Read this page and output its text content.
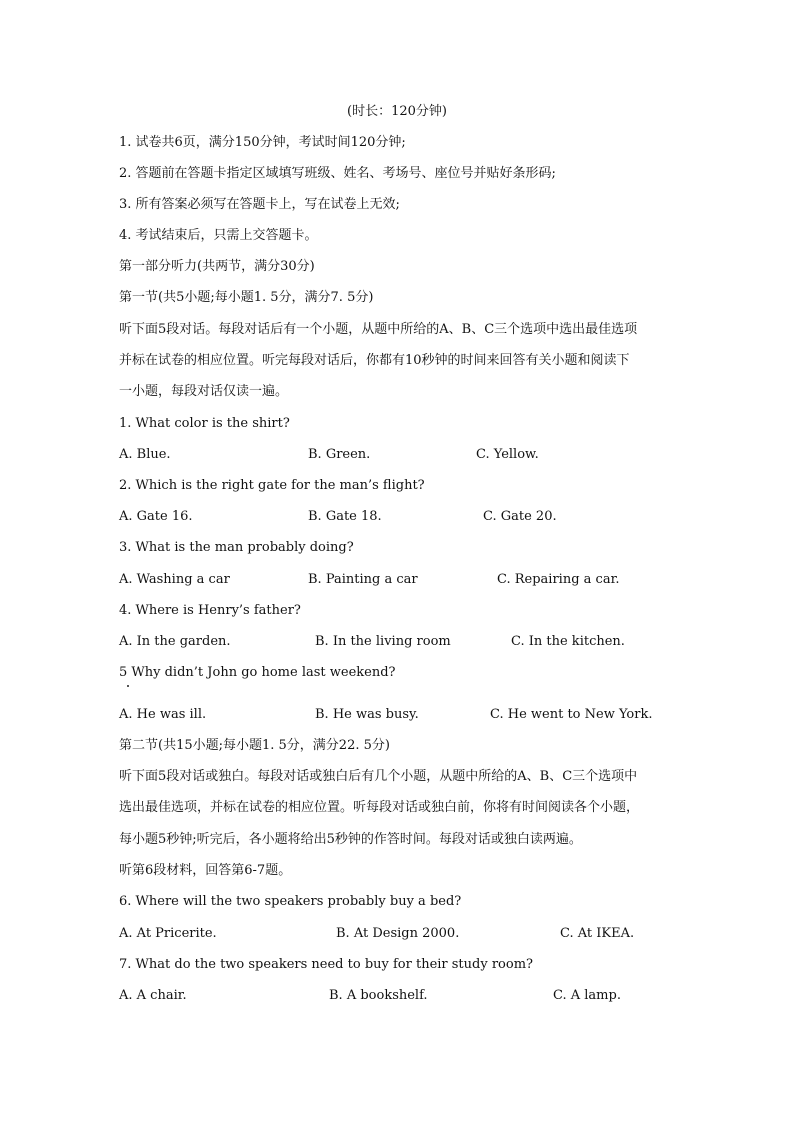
(时长：120分钟)
1. 试卷共6页，满分150分钟，考试时间120分钟;
2. 答题前在答题卡指定区域填写班级、姓名、考场号、座位号并贴好条形码;
3. 所有答案必须写在答题卡上，写在试卷上无效;
4. 考试结束后，只需上交答题卡。
第一部分听力(共两节，满分30分)
第一节(共5小题;每小题1. 5分，满分7. 5分)
听下面5段对话。每段对话后有一个小题，从题中所给的A、B、C三个选项中选出最佳选项
并标在试卷的相应位置。听完每段对话后，你都有10秒钟的时间来回答有关小题和阅读下
一小题，每段对话仅读一遍。
1. What color is the shirt?
A. Blue.	B. Green.	C. Yellow.
2. Which is the right gate for the man’s flight?
A. Gate 16.	B. Gate 18.	C. Gate 20.
3. What is the man probably doing?
A. Washing a car	B. Painting a car	C. Repairing a car.
4. Where is Henry’s father?
A. In the garden.	B. In the living room	C. In the kitchen.
5 Why didn’t John go home last weekend?
A. He was ill.	B. He was busy.	C. He went to New York.
第二节(共15小题;每小题1. 5分，满分22. 5分)
听下面5段对话或独白。每段对话或独白后有几个小题，从题中所给的A、B、C三个选项中
选出最佳选项，并标在试卷的相应位置。听每段对话或独白前，你将有时间阅读各个小题，
每小题5秒钟;听完后，各小题将给出5秒钟的作答时间。每段对话或独白读两遍。
听第6段材料，回答第6-7题。
6. Where will the two speakers probably buy a bed?
A. At Pricerite.	B. At Design 2000.	C. At IKEA.
7. What do the two speakers need to buy for their study room?
A. A chair.	B. A bookshelf.	C. A lamp.
